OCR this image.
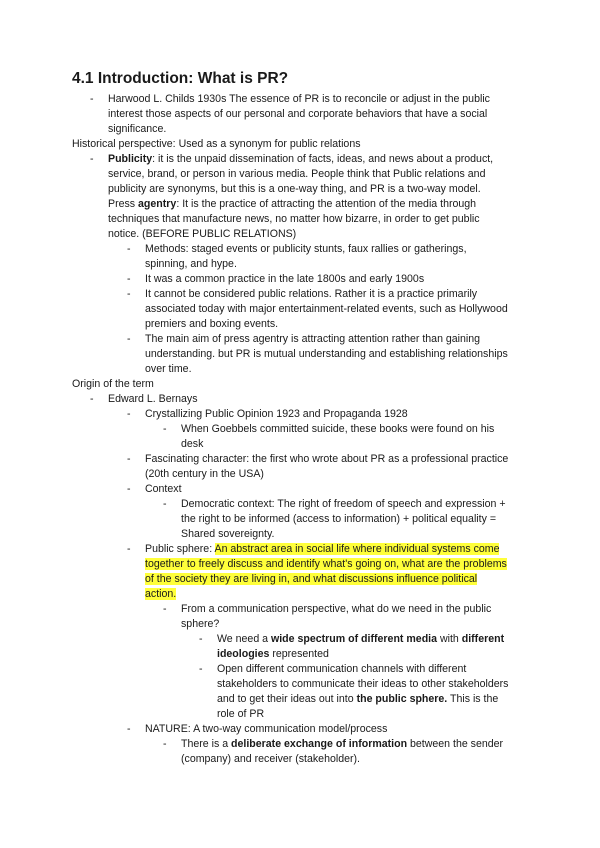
4.1 Introduction: What is PR?
- Harwood L. Childs 1930s The essence of PR is to reconcile or adjust in the public
interest those aspects of our personal and corporate behaviors that have a social
significance.
Historical perspective: Used as a synonym for public relations
- Publicity: it is the unpaid dissemination of facts, ideas, and news about a product,
service, brand, or person in various media. People think that Public relations and
publicity are synonyms, but this is a one-way thing, and PR is a two-way model.
Press agentry: It is the practice of attracting the attention of the media through
techniques that manufacture news, no matter how bizarre, in order to get public
notice. (BEFORE PUBLIC RELATIONS)
- Methods: staged events or publicity stunts, faux rallies or gatherings,
spinning, and hype.
- It was a common practice in the late 1800s and early 1900s
- It cannot be considered public relations. Rather it is a practice primarily
associated today with major entertainment-related events, such as Hollywood
premiers and boxing events.
- The main aim of press agentry is attracting attention rather than gaining
understanding. but PR is mutual understanding and establishing relationships
over time.
Origin of the term
- Edward L. Bernays
- Crystallizing Public Opinion 1923 and Propaganda 1928
- When Goebbels committed suicide, these books were found on his
desk
- Fascinating character: the first who wrote about PR as a professional practice
(20th century in the USA)
- Context
- Democratic context: The right of freedom of speech and expression +
the right to be informed (access to information) + political equality =
Shared sovereignty.
- Public sphere: An abstract area in social life where individual systems come
together to freely discuss and identify what's going on, what are the problems
of the society they are living in, and what discussions influence political
action.
- From a communication perspective, what do we need in the public
sphere?
- We need a wide spectrum of different media with different
ideologies represented
- Open different communication channels with different
stakeholders to communicate their ideas to other stakeholders
and to get their ideas out into the public sphere. This is the
role of PR
- NATURE: A two-way communication model/process
- There is a deliberate exchange of information between the sender
(company) and receiver (stakeholder).
